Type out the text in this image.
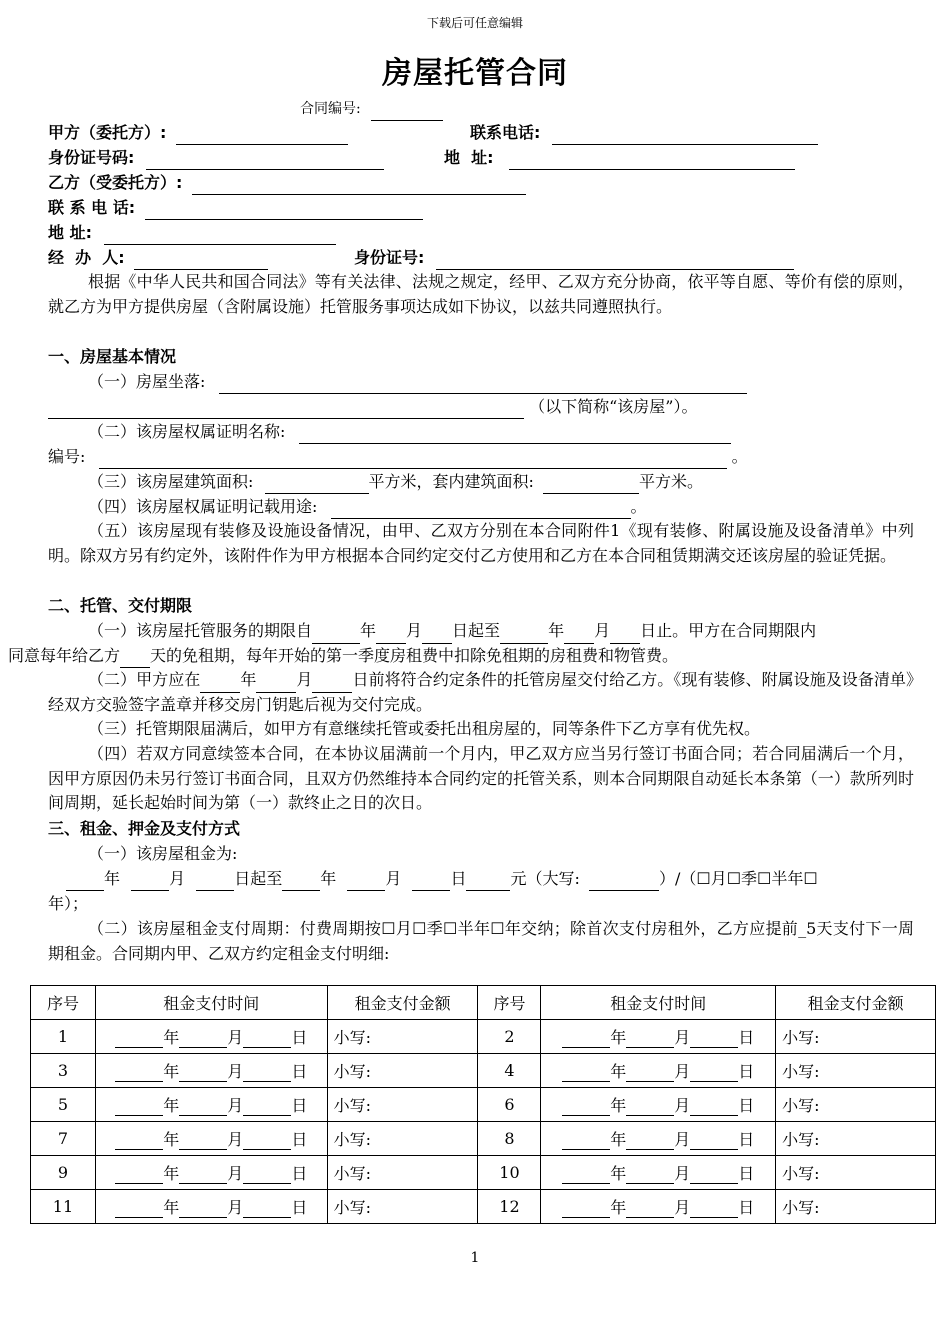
下载后可任意编辑
房屋托管合同
合同编号:
甲方（委托方）:	联系电话:
身份证号码:	地  址:
乙方（受委托方）:
联 系 电 话:
地 址:
经  办  人:	身份证号:
根据《中华人民共和国合同法》等有关法律、法规之规定，经甲、乙双方充分协商，依平等自愿、等价有偿的原则，就乙方为甲方提供房屋（含附属设施）托管服务事项达成如下协议，以兹共同遵照执行。
一、房屋基本情况
（一）房屋坐落:
（以下简称“该房屋”）。
（二）该房屋权属证明名称:
编号:	。
（三）该房屋建筑面积:	平方米，套内建筑面积:	平方米。
（四）该房屋权属证明记载用途:	。
（五）该房屋现有装修及设施设备情况，由甲、乙双方分别在本合同附件1《现有装修、附属设施及设备清单》中列明。除双方另有约定外，该附件作为甲方根据本合同约定交付乙方使用和乙方在本合同租赁期满交还该房屋的验证凭据。
二、托管、交付期限
（一）该房屋托管服务的期限自	年 月 日起至	年 月 日止。甲方在合同期限内
同意每年给乙方 天的免租期，每年开始的第一季度房租费中扣除免租期的房租费和物管费。
（二）甲方应在	年	月	日前将符合约定条件的托管房屋交付给乙方。《现有装修、附属设施及设备清单》经双方交验签字盖章并移交房门钥匙后视为交付完成。
（三）托管期限届满后，如甲方有意继续托管或委托出租房屋的，同等条件下乙方享有优先权。
（四）若双方同意续签本合同，在本协议届满前一个月内，甲乙双方应当另行签订书面合同；若合同届满后一个月，因甲方原因仍未另行签订书面合同，且双方仍然维持本合同约定的托管关系，则本合同期限自动延长本条第（一）款所列时间周期，延长起始时间为第（一）款终止之日的次日。
三、租金、押金及支付方式
（一）该房屋租金为:
年	月	日起至 年	月	日	元（大写:	）/（☐月☐季☐半年☐
年）；
（二）该房屋租金支付周期：付费周期按☐月☐季☐半年☐年交纳；除首次支付房租外，乙方应提前_5天支付下一周期租金。合同期内甲、乙双方约定租金支付明细:
序号	租金支付时间	租金支付金额	序号	租金支付时间	租金支付金额
1	年 月 日	小写:	2	年 月 日	小写:
3	年 月 日	小写:	4	年 月 日	小写:
5	年 月 日	小写:	6	年 月 日	小写:
7	年 月 日	小写:	8	年 月 日	小写:
9	年 月 日	小写:	10	年 月 日	小写:
11	年 月 日	小写:	12	年 月 日	小写:
1
